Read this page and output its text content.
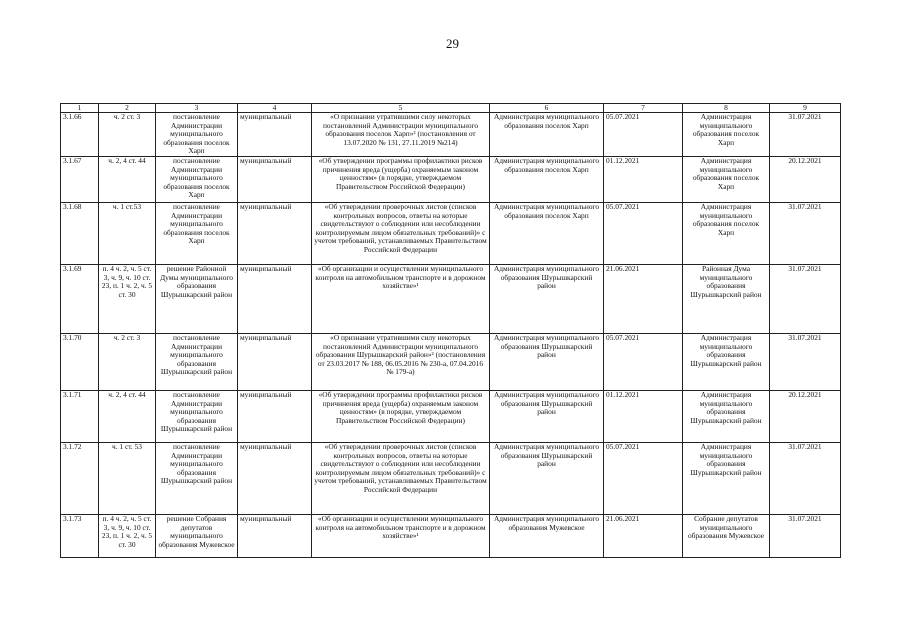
29
1	2	3	4	5	6	7	8	9
3.1.66	ч. 2 ст. 3	постановление Администрации муниципального образования поселок Харп	муниципальный	«О признании утратившими силу некоторых постановлений Администрации муниципального образования поселок Харп»² (постановления от 13.07.2020 № 131, 27.11.2019 №214)	Администрация муниципального образования поселок Харп	05.07.2021	Администрация муниципального образования поселок Харп	31.07.2021
3.1.67	ч. 2, 4 ст. 44	постановление Администрации муниципального образования поселок Харп	муниципальный	«Об утверждении программы профилактики рисков причинения вреда (ущерба) охраняемым законом ценностям» (в порядке, утверждаемом Правительством Российской Федерации)	Администрация муниципального образования поселок Харп	01.12.2021	Администрация муниципального образования поселок Харп	20.12.2021
3.1.68	ч. 1 ст.53	постановление Администрации муниципального образования поселок Харп	муниципальный	«Об утверждении проверочных листов (списков контрольных вопросов, ответы на которые свидетельствуют о соблюдении или несоблюдении контролируемым лицом обязательных требований)» с учетом требований, устанавливаемых Правительством Российской Федерации	Администрация муниципального образования поселок Харп	05.07.2021	Администрация муниципального образования поселок Харп	31.07.2021
3.1.69	п. 4 ч. 2, ч. 5 ст. 3, ч. 9, ч. 10 ст. 23, п. 1 ч. 2, ч. 5 ст. 30	решение Районной Думы муниципального образования Шурышкарский район	муниципальный	«Об организации и осуществлении муниципального контроля на автомобильном транспорте и в дорожном хозяйстве»¹	Администрация муниципального образования Шурышкарский район	21.06.2021	Районная Дума муниципального образования Шурышкарский район	31.07.2021
3.1.70	ч. 2 ст. 3	постановление Администрации муниципального образования Шурышкарский район	муниципальный	«О признании утратившими силу некоторых постановлений Администрации муниципального образования Шурышкарский район»² (постановления от 23.03.2017 № 188, 06.05.2016 № 230-а, 07.04.2016 № 179-а)	Администрация муниципального образования Шурышкарский район	05.07.2021	Администрация муниципального образования Шурышкарский район	31.07.2021
3.1.71	ч. 2, 4 ст. 44	постановление Администрации муниципального образования Шурышкарский район	муниципальный	«Об утверждении программы профилактики рисков причинения вреда (ущерба) охраняемым законом ценностям» (в порядке, утверждаемом Правительством Российской Федерации)	Администрация муниципального образования Шурышкарский район	01.12.2021	Администрация муниципального образования Шурышкарский район	20.12.2021
3.1.72	ч. 1 ст. 53	постановление Администрации муниципального образования Шурышкарский район	муниципальный	«Об утверждении проверочных листов (списков контрольных вопросов, ответы на которые свидетельствуют о соблюдении или несоблюдении контролируемым лицом обязательных требований)» с учетом требований, устанавливаемых Правительством Российской Федерации	Администрация муниципального образования Шурышкарский район	05.07.2021	Администрация муниципального образования Шурышкарский район	31.07.2021
3.1.73	п. 4 ч. 2, ч. 5 ст. 3, ч. 9, ч. 10 ст. 23, п. 1 ч. 2, ч. 5 ст. 30	решение Собрания депутатов муниципального образования Мужевское	муниципальный	«Об организации и осуществлении муниципального контроля на автомобильном транспорте и в дорожном хозяйстве»¹	Администрация муниципального образования Мужевское	21.06.2021	Собрание депутатов муниципального образования Мужевское	31.07.2021
